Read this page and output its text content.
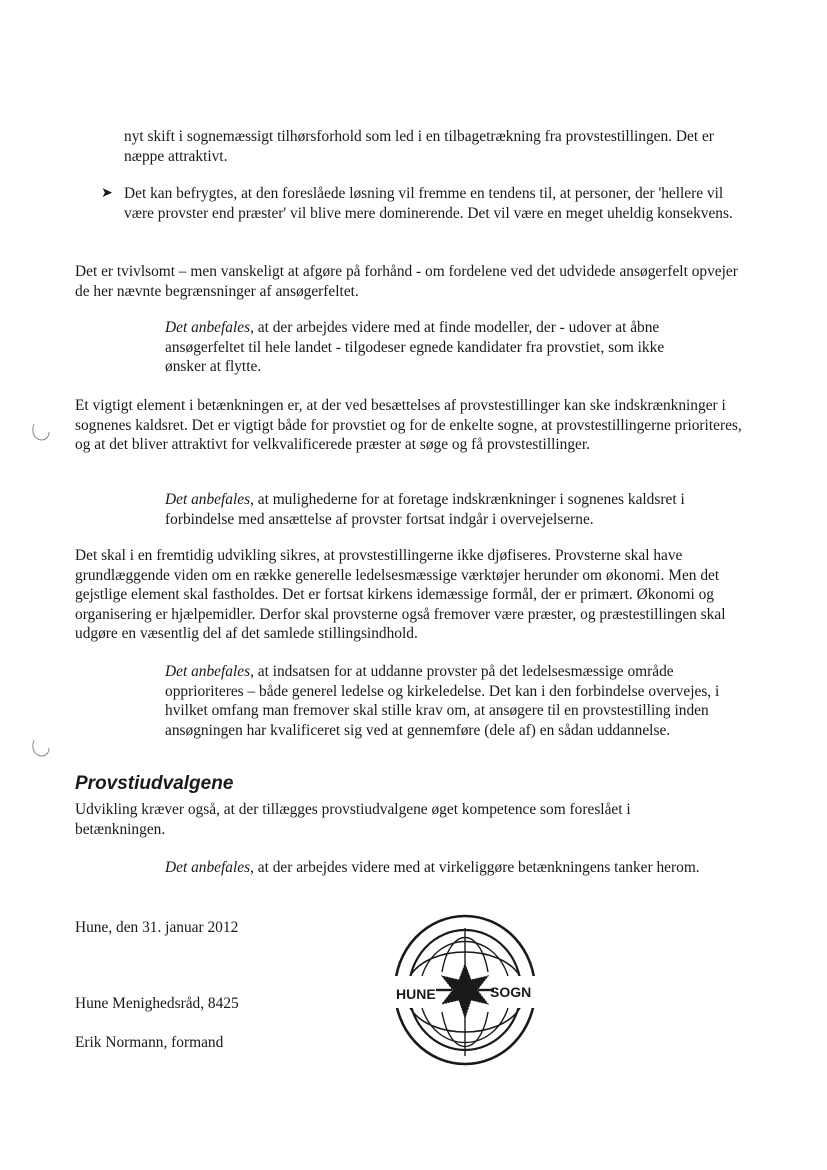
nyt skift i sognemæssigt tilhørsforhold som led i en tilbagetrækning fra provstestillingen. Det er næppe attraktivt.

➤ Det kan befrygtes, at den foreslåede løsning vil fremme en tendens til, at personer, der 'hellere vil være provster end præster' vil blive mere dominerende. Det vil være en meget uheldig konsekvens.

Det er tvivlsomt – men vanskeligt at afgøre på forhånd - om fordelene ved det udvidede ansøgerfelt opvejer de her nævnte begrænsninger af ansøgerfeltet.

Det anbefales, at der arbejdes videre med at finde modeller, der - udover at åbne ansøgerfeltet til hele landet - tilgodeser egnede kandidater fra provstiet, som ikke ønsker at flytte.

Et vigtigt element i betænkningen er, at der ved besættelses af provstestillinger kan ske indskrænkninger i sognenes kaldsret. Det er vigtigt både for provstiet og for de enkelte sogne, at provstestillingerne prioriteres, og at det bliver attraktivt for velkvalificerede præster at søge og få provstestillinger.

Det anbefales, at mulighederne for at foretage indskrænkninger i sognenes kaldsret i forbindelse med ansættelse af provster fortsat indgår i overvejelserne.

Det skal i en fremtidig udvikling sikres, at provstestillingerne ikke djøfiseres. Provsterne skal have grundlæggende viden om en række generelle ledelsesmæssige værktøjer herunder om økonomi. Men det gejstlige element skal fastholdes. Det er fortsat kirkens idemæssige formål, der er primært. Økonomi og organisering er hjælpemidler. Derfor skal provsterne også fremover være præster, og præstestillingen skal udgøre en væsentlig del af det samlede stillingsindhold.

Det anbefales, at indsatsen for at uddanne provster på det ledelsesmæssige område opprioriteres – både generel ledelse og kirkeledelse. Det kan i den forbindelse overvejes, i hvilket omfang man fremover skal stille krav om, at ansøgere til en provstestilling inden ansøgningen har kvalificeret sig ved at gennemføre (dele af) en sådan uddannelse.

Provstiudvalgene

Udvikling kræver også, at der tillægges provstiudvalgene øget kompetence som foreslået i betænkningen.

Det anbefales, at der arbejdes videre med at virkeliggøre betænkningens tanker herom.

Hune, den 31. januar 2012

Hune Menighedsråd, 8425

Erik Normann, formand

HUNE	SOGN
